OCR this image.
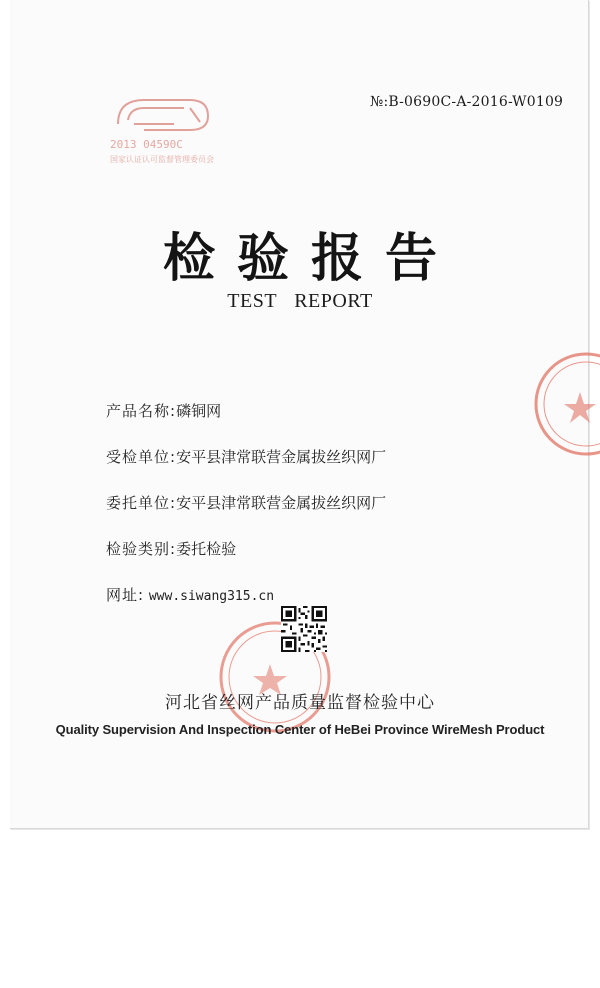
2013 04590C
国家认证认可监督管理委员会
№:B-0690C-A-2016-W0109
检验报告
TEST REPORT
产品名称:磷铜网
受检单位:安平县津常联营金属拔丝织网厂
委托单位:安平县津常联营金属拔丝织网厂
检验类别:委托检验
网址: www.siwang315.cn
河北省丝网产品质量监督检验中心
Quality Supervision And Inspection Center of HeBei Province WireMesh Product
